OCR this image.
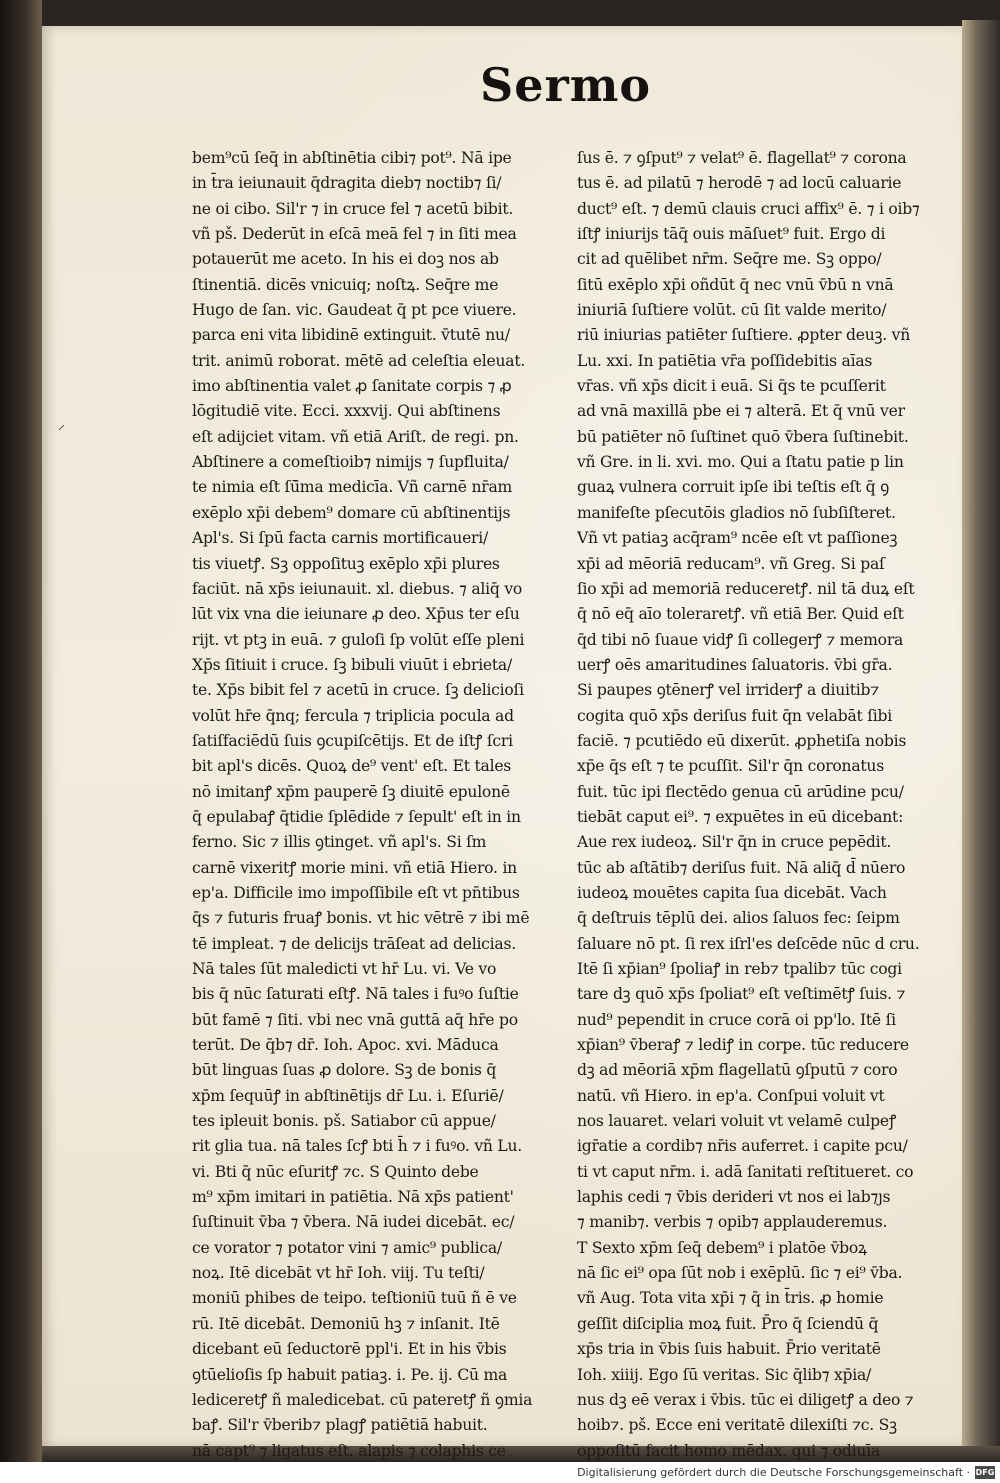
Sermo
⸝
bem⁹cū ſeq̄ in abſtinētia cibi⁊ pot⁹. Nā ipe
in t̄ra ieiunauit q̄dragita dieb⁊ noctib⁊ ſi/
ne oi cibo. Sil'r ⁊ in cruce fel ⁊ acetū bibit.
vñ pš. Dederūt in eſcā meā fel ⁊ in ſiti mea
potauerūt me aceto. In his ei doꝫ nos ab
ſtinentiā. dicēs vnicuiq; noſtꝝ. Seq̄re me
Hugo de ſan. vic. Gaudeat q̄ pt pce viuere.
parca eni vita libidinē extinguit. v̄tutē nu/
trit. animū roborat. mētē ad celeſtia eleuat.
imo abſtinentia valet ꝓ ſanitate corpis ⁊ ꝓ
lōgitudiē vite. Ecci. xxxvij. Qui abſtinens
eſt adijciet vitam. vñ etiā Ariſt. de regi. pn.
Abſtinere a comeſtioib⁊ nimijs ⁊ ſupfluita/
te nimia eſt ſū̄ma medicīa. Vñ carnē nr̄am
exēplo xp̄i debem⁹ domare cū abſtinentijs
Apl's. Si ſpū facta carnis mortificaueri/
tis viuetꝭ. Sꝫ oppoſituꝫ exēplo xp̄i plures
faciūt. nā xp̄s ieiunauit. xl. diebus. ⁊ aliq̄ vo
lūt vix vna die ieiunare ꝓ deo. Xp̄us ter eſu
rijt. vt ptꝫ in euā. ⁊ guloſi ſp volūt eſſe pleni
Xp̄s ſitiuit i cruce. ſꝫ bibuli viuūt i ebrieta/
te. Xp̄s bibit fel ⁊ acetū in cruce. ſꝫ delicioſi
volūt hr̄e q̄nq; fercula ⁊ triplicia pocula ad
ſatiſfaciēdū ſuis ꝯcupiſcētijs. Et de iſtꝭ ſcri
bit apl's dicēs. Quoꝝ de⁹ vent' eſt. Et tales
nō imitanꝭ xp̄m pauperē ſꝫ diuitē epulonē
q̄ epulabaꝭ q̄tidie ſplēdide ⁊ ſepult' eſt in in
ferno. Sic ⁊ illis ꝯtinget. vñ apl's. Si ſm
carnē vixeritꝭ morie mini. vñ etiā Hiero. in
ep'a. Difficile imo impoſſibile eſt vt pn̄tibus
q̄s ⁊ futuris fruaꝭ bonis. vt hic vētrē ⁊ ibi mē
tē impleat. ⁊ de delicijs trāſeat ad delicias.
Nā tales ſūt maledicti vt hr̄ Lu. vi. Ve vo
bis q̄ nūc ſaturati eſtꝭ. Nā tales i fuꝰo ſuſtie
būt famē ⁊ ſiti. vbi nec vnā guttā aq̄ hr̄e po
terūt. De q̄b⁊ dr̄. Ioh. Apoc. xvi. Māduca
būt linguas ſuas ꝓ dolore. Sꝫ de bonis q̄
xp̄m ſequūꝭ in abſtinētijs dr̄ Lu. i. Eſuriē/
tes ipleuit bonis. pš. Satiabor cū appue/
rit glia tua. nā tales ſcꝭ bti h̄ ⁊ i fuꝰo. vñ Lu.
vi. Bti q̄ nūc eſuritꝭ ⁊c. S Quinto debe
m⁹ xp̄m imitari in patiētia. Nā xp̄s patient'
ſuſtinuit v̄ba ⁊ v̄bera. Nā iudei dicebāt. ec/
ce vorator ⁊ potator vini ⁊ amic⁹ publica/
noꝝ. Itē dicebāt vt hr̄ Ioh. viij. Tu teſti/
moniū phibes de teipo. teſtioniū tuū ñ ē ve
rū. Itē dicebāt. Demoniū hꝫ ⁊ inſanit. Itē
dicebant eū ſeductorē ppl'i. Et in his v̄bis
ꝯtūelioſis ſp habuit patiaꝫ. i. Pe. ij. Cū ma
lediceretꝭ ñ maledicebat. cū pateretꝭ ñ ꝯmia
baꝭ. Sil'r v̄berib⁊ plagꝭ patiētiā habuit.
nā capt⁹ ⁊ ligatus eſt. alapis ⁊ colaphis ce
ſus ē. ⁊ ꝯſput⁹ ⁊ velat⁹ ē. flagellat⁹ ⁊ corona
tus ē. ad pilatū ⁊ herodē ⁊ ad locū caluarie
duct⁹ eſt. ⁊ demū clauis cruci affix⁹ ē. ⁊ i oib⁊
iſtꝭ iniurijs tāq̄ ouis māſuet⁹ fuit. Ergo di
cit ad quēlibet nr̄m. Seq̄re me. Sꝫ oppo/
ſitū exēplo xp̄i oñdūt q̄ nec vnū v̄bū n vnā
iniuriā ſuſtiere volūt. cū ſit valde merito/
riū iniurias patiēter ſuſtiere. ꝓpter deuꝫ. vñ
Lu. xxi. In patiētia vr̄a poſſidebitis aīas
vr̄as. vñ xp̄s dicit i euā. Si q̄s te pcuſſerit
ad vnā maxillā pbe ei ⁊ alterā. Et q̄ vnū ver
bū patiēter nō ſuſtinet quō v̄bera ſuſtinebit.
vñ Gre. in li. xvi. mo. Qui a ſtatu patie p lin
guaꝝ vulnera corruit ipſe ibi teſtis eſt q̄ ꝯ
manifeſte pſecutōis gladios nō ſubſiſteret.
Vñ vt patiaꝫ acq̄ram⁹ ncēe eſt vt paſſioneꝫ
xp̄i ad mēoriā reducam⁹. vñ Greg. Si paſ
ſio xp̄i ad memoriā reduceretꝭ. nil tā duꝝ eſt
q̄ nō eq̄ aīo toleraretꝭ. vñ etiā Ber. Quid eſt
q̄d tibi nō ſuaue vidꝭ ſi collegerꝭ ⁊ memora
uerꝭ oēs amaritudines ſaluatoris. v̄bi gr̄a.
Si paupes ꝯtēnerꝭ vel irriderꝭ a diuitib⁊
cogita quō xp̄s deriſus fuit q̄n velabāt ſibi
faciē. ⁊ pcutiēdo eū dixerūt. ꝓphetiſa nobis
xp̄e q̄s eſt ⁊ te pcuſſit. Sil'r q̄n coronatus
fuit. tūc ipi flectēdo genua cū arūdine pcu/
tiebāt caput ei⁹. ⁊ expuētes in eū dicebant:
Aue rex iudeoꝝ. Sil'r q̄n in cruce pepēdit.
tūc ab aſtātib⁊ deriſus fuit. Nā aliq̄ d̄ nūero
iudeoꝝ mouētes capita ſua dicebāt. Vach
q̄ deſtruis tēplū dei. alios ſaluos fec: ſeipm
ſaluare nō pt. ſi rex iſrl'es deſcēde nūc d cru.
Itē ſi xp̄ian⁹ ſpoliaꝭ in reb⁊ tpalib⁊ tūc cogi
tare dꝫ quō xp̄s ſpoliat⁹ eſt veſtimētꝭ ſuis. ⁊
nud⁹ pependit in cruce corā oi pp'lo. Itē ſi
xp̄ian⁹ v̄beraꝭ ⁊ lediꝭ in corpe. tūc reducere
dꝫ ad mēoriā xp̄m flagellatū ꝯſputū ⁊ coro
natū. vñ Hiero. in ep'a. Conſpui voluit vt
nos lauaret. velari voluit vt velamē culpeꝭ
igr̄atie a cordib⁊ nr̄is auferret. i capite pcu/
ti vt caput nr̄m. i. adā ſanitati reſtitueret. co
laphis cedi ⁊ v̄bis derideri vt nos ei lab⁊ȷs
⁊ manib⁊. verbis ⁊ opib⁊ applauderemus.
T Sexto xp̄m ſeq̄ debem⁹ i platōe v̄boꝝ
nā ſic ei⁹ opa ſūt nob i exēplū. ſic ⁊ ei⁹ v̄ba.
vñ Aug. Tota vita xp̄i ⁊ q̄ in t̄ris. ꝓ homie
geſſit diſciplia moꝝ fuit. P̄ro q̄ ſciendū q̄
xp̄s tria in v̄bis ſuis habuit. P̄rio veritatē
Ioh. xiiij. Ego ſū veritas. Sic q̄lib⁊ xp̄ia/
nus dꝫ eē verax i v̄bis. tūc ei diligetꝭ a deo ⁊
hoib⁊. pš. Ecce eni veritatē dilexiſti ⁊c. Sꝫ
oppoſitū facit homo mēdax. qui ⁊ odiuīa
Digitalisierung gefördert durch die Deutsche Forschungsgemeinschaft · DFG
